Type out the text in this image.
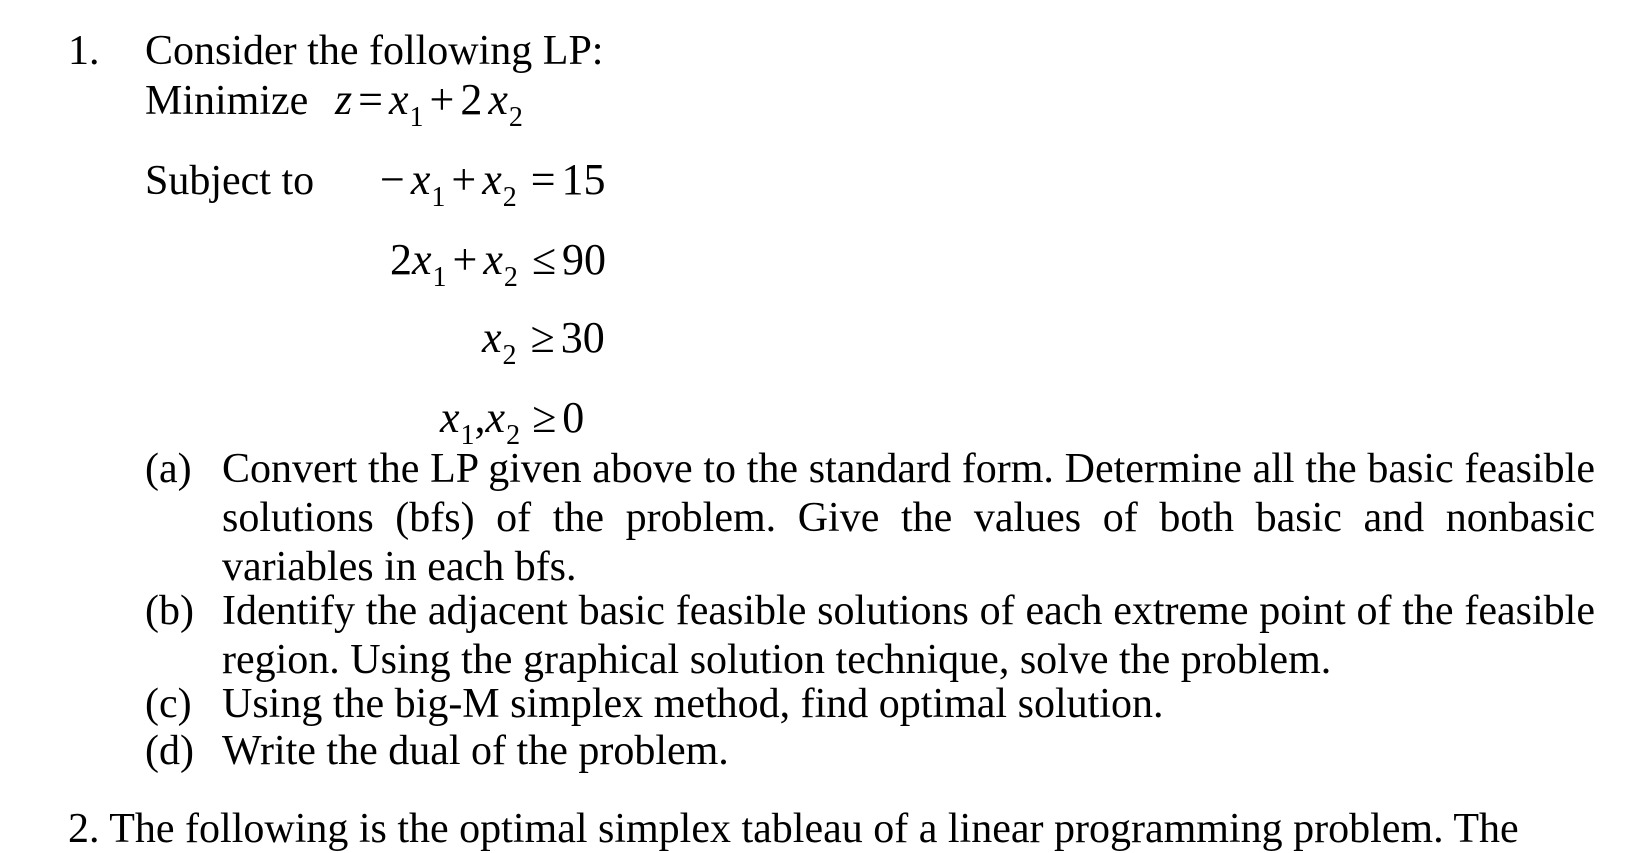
1. Consider the following LP:
Minimize $z = x_1 + 2$ $x_2$
Subject to − $x_1 + x_2 = 15$
$2x_1 + x_2 \le 90$
$x_2 \ge 30$
$x_1,x_2 \ge 0$
(a) Convert the LP given above to the standard form. Determine all the basic feasible solutions (bfs) of the problem. Give the values of both basic and nonbasic variables in each bfs.
(b) Identify the adjacent basic feasible solutions of each extreme point of the feasible region. Using the graphical solution technique, solve the problem.
(c) Using the big-M simplex method, find optimal solution.
(d) Write the dual of the problem.
2. The following is the optimal simplex tableau of a linear programming problem. The
